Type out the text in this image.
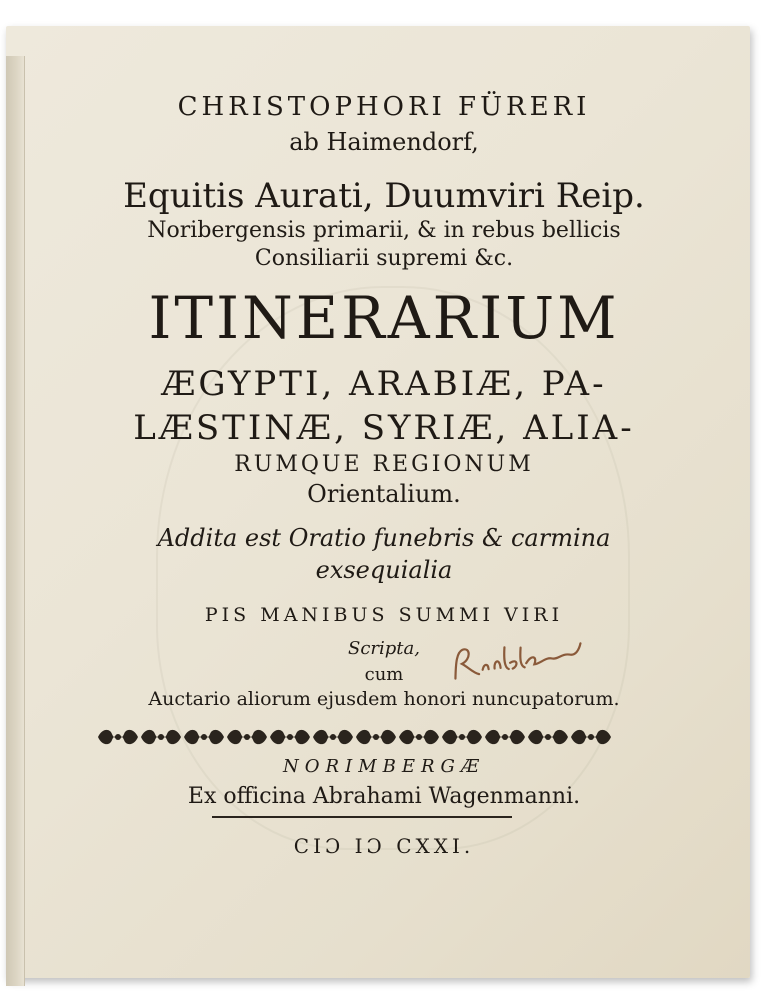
CHRISTOPHORI FÜRERI

ab Haimendorf,

Equitis Aurati, Duumviri Reip.

Noribergensis primarii, & in rebus bellicis

Consiliarii supremi &c.

ITINERARIUM

ÆGYPTI, ARABIÆ, PA-

LÆSTINÆ, SYRIÆ, ALIA-

RUMQUE REGIONUM

Orientalium.

Addita est Oratio funebris & carmina

exsequialia

PIS MANIBUS SUMMI VIRI

Scripta,

cum

Auctario aliorum ejusdem honori nuncupatorum.

NORIMBERGÆ

Ex officina Abrahami Wagenmanni.

CIƆ IƆ CXXI.
